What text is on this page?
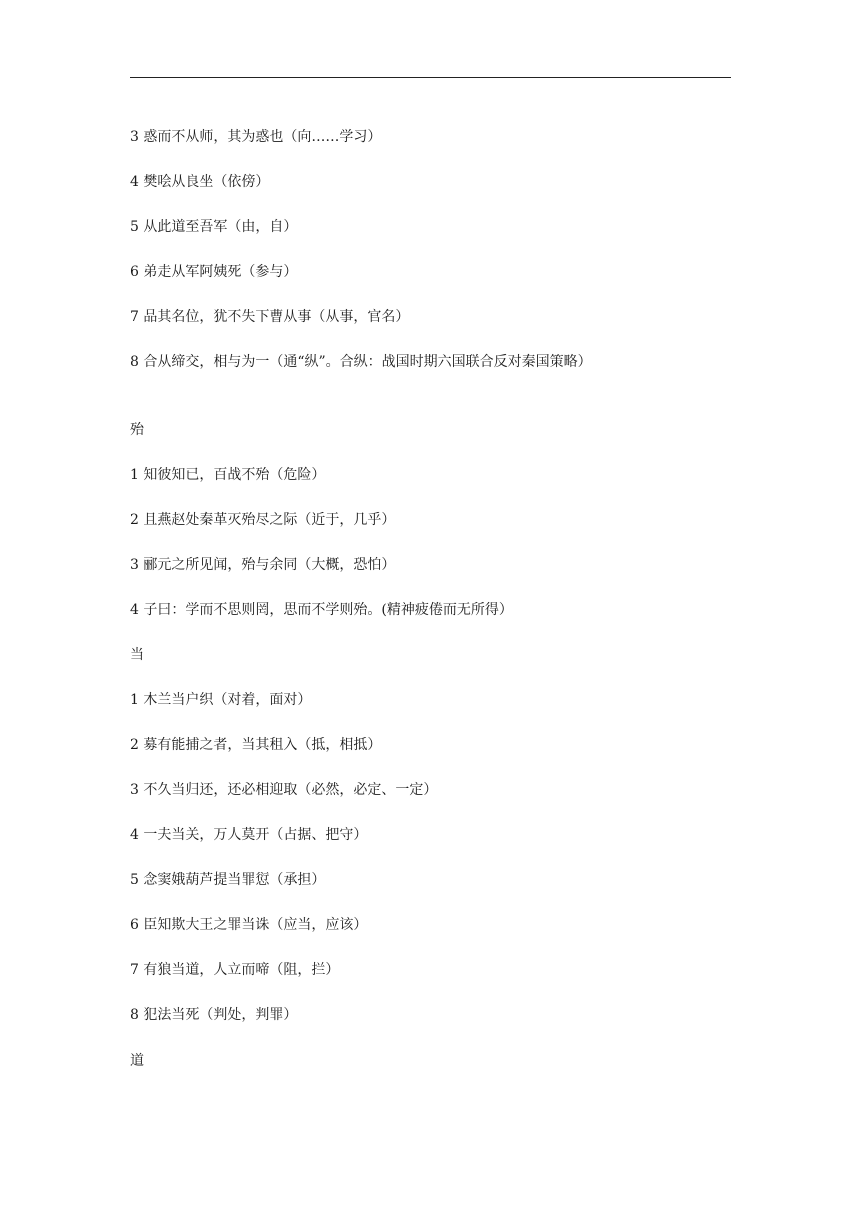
3 惑而不从师，其为惑也（向……学习）
4 樊哙从良坐（依傍）
5 从此道至吾军（由，自）
6 弟走从军阿姨死（参与）
7 品其名位，犹不失下曹从事（从事，官名）
8 合从缔交，相与为一（通“纵”。合纵：战国时期六国联合反对秦国策略）
殆
1 知彼知已，百战不殆（危险）
2 且燕赵处秦革灭殆尽之际（近于，几乎）
3 郦元之所见闻，殆与余同（大概，恐怕）
4 子曰：学而不思则罔，思而不学则殆。(精神疲倦而无所得）
当
1 木兰当户织（对着，面对）
2 募有能捕之者，当其租入（抵，相抵）
3 不久当归还，还必相迎取（必然，必定、一定）
4 一夫当关，万人莫开（占据、把守）
5 念窦娥葫芦提当罪愆（承担）
6 臣知欺大王之罪当诛（应当，应该）
7 有狼当道，人立而啼（阻，拦）
8 犯法当死（判处，判罪）
道
